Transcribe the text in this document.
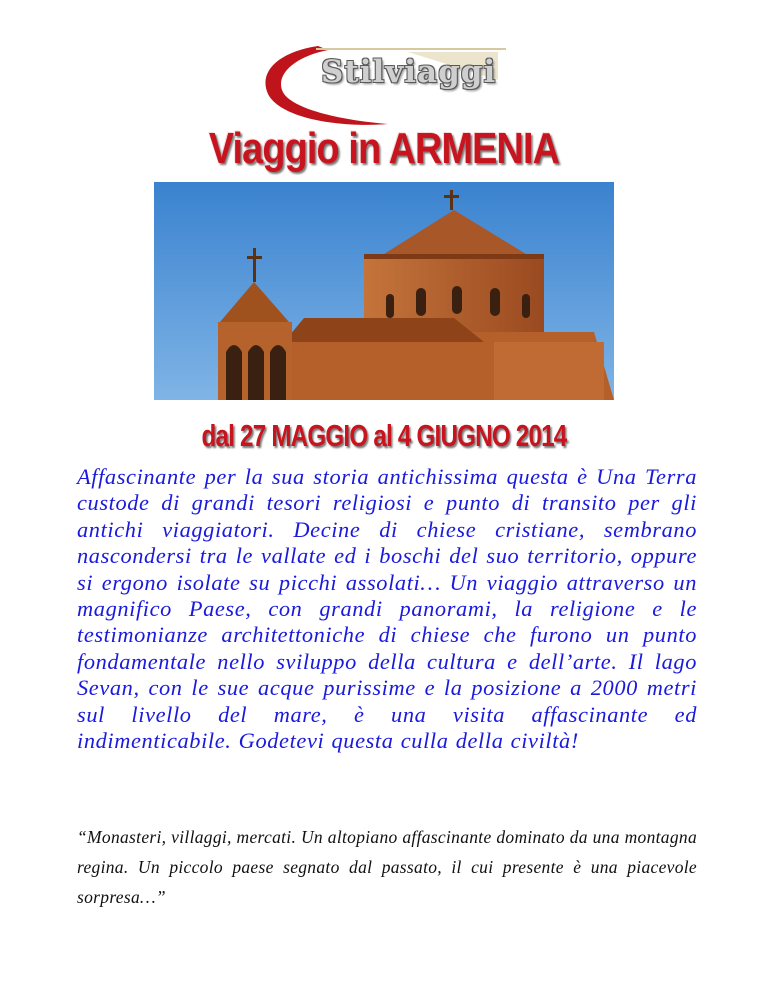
Stilviaggi
Viaggio in ARMENIA
dal 27 MAGGIO al 4 GIUGNO 2014

Affascinante per la sua storia antichissima questa è Una Terra custode di grandi tesori religiosi e punto di transito per gli antichi viaggiatori. Decine di chiese cristiane, sembrano nascondersi tra le vallate ed i boschi del suo territorio, oppure si ergono isolate su picchi assolati… Un viaggio attraverso un magnifico Paese, con grandi panorami, la religione e le testimonianze architettoniche di chiese che furono un punto fondamentale nello sviluppo della cultura e dell’arte. Il lago Sevan, con le sue acque purissime e la posizione a 2000 metri sul livello del mare, è una visita affascinante ed indimenticabile. Godetevi questa culla della civiltà!

“Monasteri, villaggi, mercati. Un altopiano affascinante dominato da una montagna regina. Un piccolo paese segnato dal passato, il cui presente è una piacevole sorpresa…”
